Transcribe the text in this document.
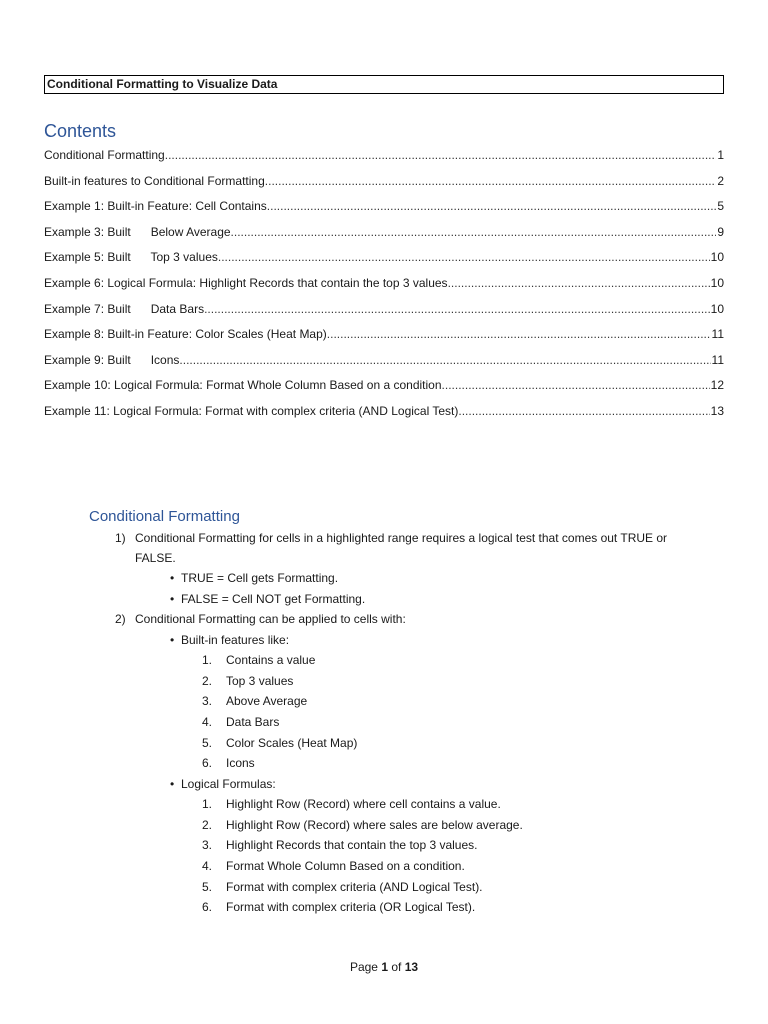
Conditional Formatting to Visualize Data
Contents
Conditional Formatting .....	1
Built-in features to Conditional Formatting .....	2
Example 1: Built-in Feature: Cell Contains .....	5
Example 3: Built      Below Average .....	9
Example 5: Built      Top 3 values .....	10
Example 6: Logical Formula: Highlight Records that contain the top 3 values .....	10
Example 7: Built      Data Bars .....	10
Example 8: Built-in Feature: Color Scales (Heat Map) .....	11
Example 9: Built      Icons .....	11
Example 10: Logical Formula: Format Whole Column Based on a condition .....	12
Example 11: Logical Formula: Format with complex criteria (AND Logical Test) .....	13
Conditional Formatting
1) Conditional Formatting for cells in a highlighted range requires a logical test that comes out TRUE or
FALSE.
• TRUE = Cell gets Formatting.
• FALSE = Cell NOT get Formatting.
2) Conditional Formatting can be applied to cells with:
• Built-in features like:
1. Contains a value
2. Top 3 values
3. Above Average
4. Data Bars
5. Color Scales (Heat Map)
6. Icons
• Logical Formulas:
1. Highlight Row (Record) where cell contains a value.
2. Highlight Row (Record) where sales are below average.
3. Highlight Records that contain the top 3 values.
4. Format Whole Column Based on a condition.
5. Format with complex criteria (AND Logical Test).
6. Format with complex criteria (OR Logical Test).
Page 1 of 13
